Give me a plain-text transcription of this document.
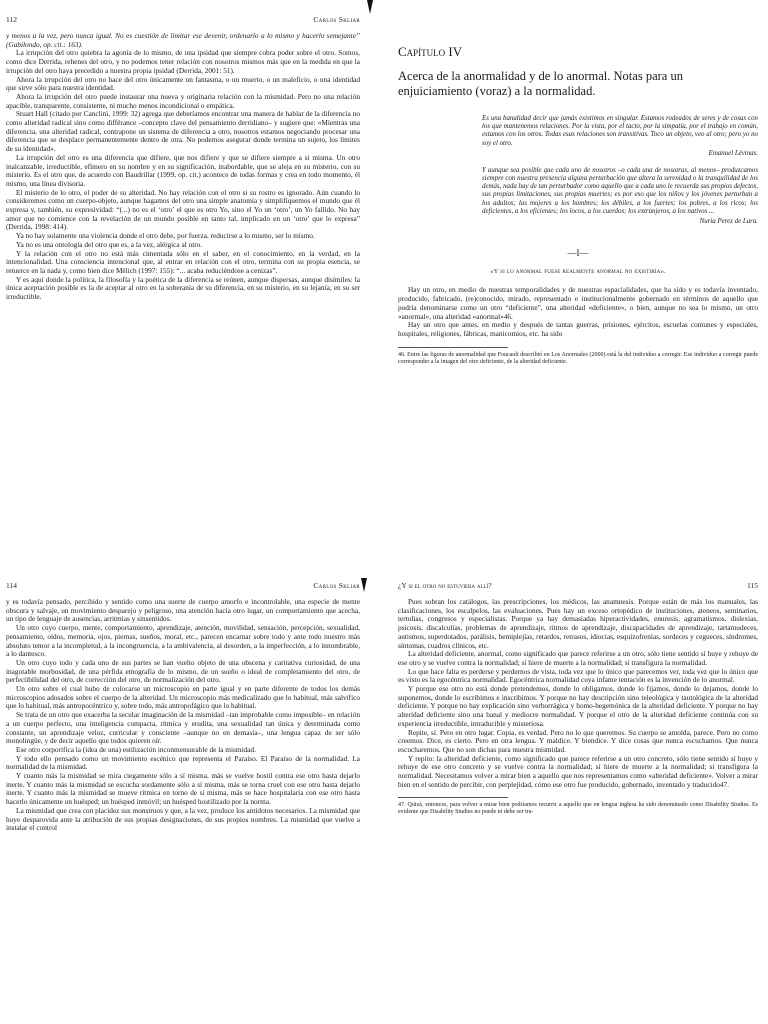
112	Carlos Skliar

y menos a la vez, pero nunca igual. No es cuestión de limitar ese devenir, ordenarlo a lo mismo y hacerlo semejante” (Gabilondo, op. cit.: 163).

La irrupción del otro quiebra la agonía de lo mismo, de una ipsidad que siempre cobra poder sobre el otro. Somos, como dice Derrida, rehenes del otro, y no podemos tener relación con nosotros mismos más que en la medida en que la irrupción del otro haya precedido a nuestra propia ipsidad (Derrida, 2001: 51).

Ahora la irrupción del otro no hace del otro únicamente un fantasma, o un muerto, o un maleficio, o una identidad que sirve sólo para nuestra identidad.

Ahora la irrupción del otro puede instaurar una nueva y originaria relación con la mismidad. Pero no una relación apacible, transparente, consistente, ni mucho menos incondicional o empática.

Stuart Hall (citado por Canclini, 1999: 32) agrega que deberíamos encontrar una manera de hablar de la diferencia no como alteridad radical sino como différance –concepto clave del pensamiento derridiano– y sugiere que: «Mientras una diferencia, una alteridad radical, contrapone un sistema de diferencia a otro, nosotros estamos negociando procesar una diferencia que se desplace permanentemente dentro de otra. No podemos asegurar donde termina un sujeto, los límites de su identidad».

La irrupción del otro es una diferencia que difiere, que nos difiere y que se difiere siempre a sí misma. Un otro inalcanzable, irreductible, efímero en su nombre y en su significación, inabordable, que se aleja en su misterio, con su misterio. Es el otro que, de acuerdo con Baudrillar (1999, op. cit.) acontece de todas formas y crea en todo momento, él mismo, una línea divisoria.

El misterio de lo otro, el poder de su alteridad. No hay relación con el otro si su rostro es ignorado. Aún cuando lo consideremos como un cuerpo-objeto, aunque hagamos del otro una simple anatomía y simplifiquemos el mundo que él expresa y, también, su expresividad: “(...) no es el ‘otro’ el que es otro Yo, sino el Yo un ‘otro’, un Yo fallido. No hay amor que no comience con la revelación de un mundo posible en tanto tal, implicado en un ‘otro’ que lo expresa” (Derrida, 1998: 414).

Ya no hay solamente una violencia donde el otro debe, por fuerza, reducirse a lo mismo, ser lo mismo.

Ya no es una ontología del otro que es, a la vez, alérgica al otro.

Y la relación con el otro no está más cimentada sólo en el saber, en el conocimiento, en la verdad, en la intencionalidad. Una consciencia intencional que, al entrar en relación con el otro, termina con su propia esencia, se retuerce en la nada y, como bien dice Mèlich (1997: 155): “... acaba reduciéndose a cenizas”.

Y es aquí donde la política, la filosofía y la poética de la diferencia se reúnen, aunque dispersas, aunque disímiles: la única aceptación posible es la de aceptar al otro en la soberanía de su diferencia, en su misterio, en su lejanía, en su ser irreductible.

Capítulo IV
Acerca de la anormalidad y de lo anormal. Notas para un enjuiciamiento (voraz) a la normalidad.
Es una banalidad decir que jamás existimos en singular. Estamos rodeados de seres y de cosas con los que mantenemos relaciones. Por la vista, por el tacto, por la simpatía, por el trabajo en común, estamos con los otros. Todas esas relaciones son transitivas. Toco un objeto, veo al otro; pero yo no soy el otro.
Emanuel Lévinas.
Y aunque sea posible que cada uno de nosotros –o cada una de nosotras, al menos– produzcamos siempre con nuestra presencia alguna perturbación que altera la serenidad o la tranquilidad de los demás, nada hay de tan perturbador como aquello que a cada uno le recuerda sus propios defectos, sus propias limitaciones, sus propias muertes; es por eso que los niños y los jóvenes perturban a los adultos; las mujeres a los hombres; los débiles, a los fuertes; los pobres, a los ricos; los deficientes, a los eficientes; los locos, a los cuerdos; los extranjeros, a los nativos ...
Nuria Perez de Lara.
—I—
«Y si lo anormal fuese realmente anormal no existiría».

Hay un otro, en medio de nuestras temporalidades y de nuestras espacialidades, que ha sido y es todavía inventado, producido, fabricado, (re)conocido, mirado, representado e institucionalmente gobernado en términos de aquello que podría denominarse como un otro “deficiente”, una alteridad «deficiente», o bien, aunque no sea lo mismo, un otro «anormal», una alteridad «anormal»46.

Hay un otro que antes, en medio y después de tantas guerras, prisiones, ejércitos, escuelas comunes y especiales, hospitales, religiones, fábricas, manicomios, etc. ha sido

46. Entre las figuras de anormalidad que Foucault describió en Los Anormales (2000) está la del individuo a corregir. Ese individuo a corregir puede corresponder a la imagen del otro deficiente, de la alteridad deficiente.

114	Carlos Skliar

y es todavía pensado, percibido y sentido como una suerte de cuerpo amorfo e incontrolable, una especie de mente obscura y salvaje, un movimiento desparejo y peligroso, una atención hacia otro lugar, un comportamiento que acecha, un tipo de lenguaje de ausencias, arritmias y sinsentidos.

Un otro cuyo cuerpo, mente, comportamiento, aprendizaje, atención, movilidad, sensación, percepción, sexualidad, pensamiento, oídos, memoria, ojos, piernas, sueños, moral, etc., parecen encarnar sobre todo y ante todo nuestro más absoluto temor a la incompletud, a la incongruencia, a la ambivalencia, al desorden, a la imperfección, a lo innombrable, a lo dantesco.

Un otro cuyo todo y cada uno de sus partes se han vuelto objeto de una obscena y caritativa curiosidad, de una inagotable morbosidad, de una pérfida etnografía de lo mismo, de un sueño o ideal de completamiento del otro, de perfectibilidad del otro, de corrección del otro, de normalización del otro.

Un otro sobre el cual hubo de colocarse un microscopio en parte igual y en parte diferente de todos los demás microscopios adosados sobre el cuerpo de la alteridad. Un microscopio más medicalizado que lo habitual, más salvífico que lo habitual, más antropocéntrico y, sobre todo, más antropofágico que lo habitual.

Se trata de un otro que exacerba la secular imaginación de la mismidad –tan improbable como imposible– en relación a un cuerpo perfecto, una inteligencia compacta, rítmica y erudita, una sexualidad tan única y determinada como constante, un aprendizaje veloz, curricular y consciente –aunque no en demasía–, una lengua capaz de ser sólo monolingüe, y de decir aquello que todos quieren oír.

Ese otro corporifica la (idea de una) estilización inconmensurable de la mismidad.

Y todo ello pensado como un movimiento escénico que representa el Paraíso. El Paraíso de la normalidad. La normalidad de la mismidad.

Y cuanto más la mismidad se mira ciegamente sólo a sí misma, más se vuelve hostil contra ese otro hasta dejarlo inerte. Y cuanto más la mismidad se escucha sordamente sólo a sí misma, más se torna cruel con ese otro hasta dejarlo inerte. Y cuanto más la mismidad se mueve rítmica en torno de sí misma, más se hace hospitalaria con ese otro hasta hacerlo únicamente un huésped; un huésped inmóvil; un huésped hostilizado por la norma.

La mismidad que crea con placidez sus monstruos y que, a la vez, produce los antídotos necesarios. La mismidad que huye desparovida ante la atribución de sus propias designaciones, de sus propios nombres. La mismidad que vuelve a instalar el control

¿Y si el otro no estuviera allí?	115

Pues sobran los catálogos, las prescripciones, los médicos, las anamnesis. Porque están de más los manuales, las clasificaciones, los escalpelos, las evaluaciones. Pues hay un exceso ortopédico de instituciones, ateneos, seminarios, tertulias, congresos y especialistas. Porque ya hay demasiadas hiperactividades, enuresis, agramatismos, dislexias, psicosis, discalculias, problemas de aprendizaje, ritmos de aprendizaje, discapacidades de aprendizaje, tartamudeces, autismos, superdotados, parálisis, hemiplejías, retardos, retrasos, idiocias, esquizofrenias, sordeces y cegueces, síndromes, síntomas, cuadros clínicos, etc.

La alteridad deficiente, anormal, como significado que parece referirse a un otro, sólo tiene sentido sí huye y rehuye de ese otro y se vuelve contra la normalidad; sí hiere de muerte a la normalidad; sí transfigura la normalidad.

Lo que hace falta es perderse y perdernos de vista, toda vez que lo único que parecemos ver, toda vez que lo único que es visto es la egocéntrica normalidad. Egocéntrica normalidad cuya infame tentación es la invención de lo anormal.

Y porque ese otro no está donde pretendemos, donde lo obligamos, donde lo fijamos, donde lo dejamos, donde lo suponemos, donde lo escribimos e inscribimos. Y porque no hay descripción sino teleológica y tautológica de la alteridad deficiente. Y porque no hay explicación sino verborrágica y homo-hegemónica de la alteridad deficiente. Y porque no hay alteridad deficiente sino una banal y mediocre normalidad. Y porque el otro de la alteridad deficiente continúa con su experiencia irreductible, intraducible y misteriosa.

Repite, sí. Pero en otro lugar. Copia, es verdad. Pero no lo que queremos. Su cuerpo se amolda, parece. Pero no como creemos. Dice, es cierto. Pero en otra lengua. Y maldice. Y biendice. Y dice cosas que nunca escuchamos. Que nunca escucharemos. Que no son dichas para nuestra mismidad.

Y repito: la alteridad deficiente, como significado que parece referirse a un otro concreto, sólo tiene sentido sí huye y rehuye de ese otro concreto y se vuelve contra la normalidad; sí hiere de muerte a la normalidad; sí transfigura la normalidad. Necesitamos volver a mirar bien a aquello que nos representamos como «alteridad deficiente». Volver a mirar bien en el sentido de percibir, con perplejidad, cómo ese otro fue producido, gobernado, inventado y traducido47.

47. Quizá, entonces, para volver a mirar bien podríamos recurrir a aquello que en lengua inglesa ha sido denominado como Disability Studies. Es evidente que Disability Studies no puede ni debe ser tra-
